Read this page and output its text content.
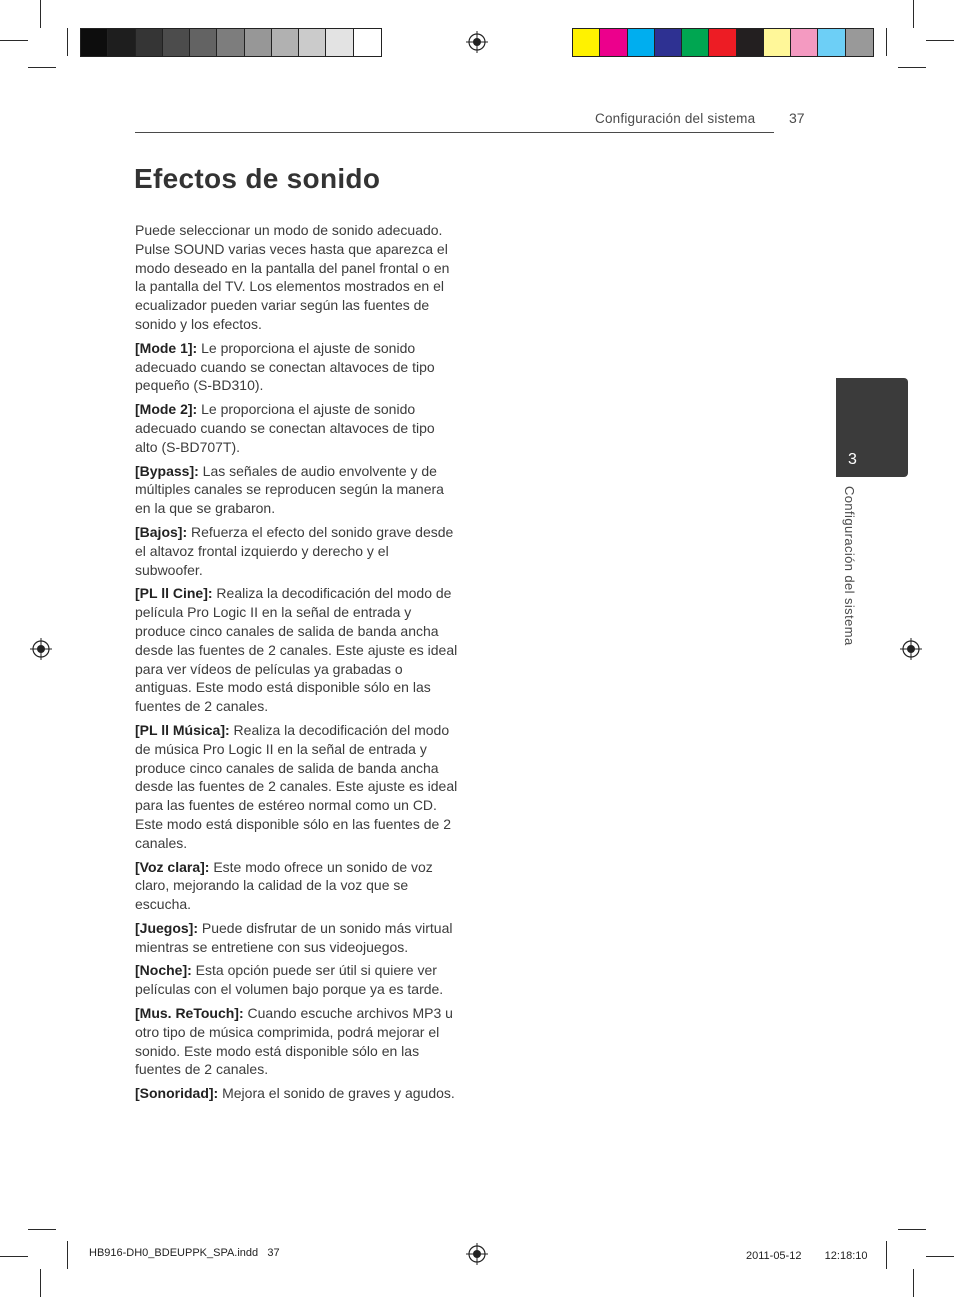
Configuración del sistema 37
Efectos de sonido

Puede seleccionar un modo de sonido adecuado. Pulse SOUND varias veces hasta que aparezca el modo deseado en la pantalla del panel frontal o en la pantalla del TV. Los elementos mostrados en el ecualizador pueden variar según las fuentes de sonido y los efectos.

[Mode 1]: Le proporciona el ajuste de sonido adecuado cuando se conectan altavoces de tipo pequeño (S-BD310).

[Mode 2]: Le proporciona el ajuste de sonido adecuado cuando se conectan altavoces de tipo alto (S-BD707T).

[Bypass]: Las señales de audio envolvente y de múltiples canales se reproducen según la manera en la que se grabaron.

[Bajos]: Refuerza el efecto del sonido grave desde el altavoz frontal izquierdo y derecho y el subwoofer.

[PL ll Cine]: Realiza la decodificación del modo de película Pro Logic II en la señal de entrada y produce cinco canales de salida de banda ancha desde las fuentes de 2 canales. Este ajuste es ideal para ver vídeos de películas ya grabadas o antiguas. Este modo está disponible sólo en las fuentes de 2 canales.

[PL ll Música]: Realiza la decodificación del modo de música Pro Logic II en la señal de entrada y produce cinco canales de salida de banda ancha desde las fuentes de 2 canales. Este ajuste es ideal para las fuentes de estéreo normal como un CD. Este modo está disponible sólo en las fuentes de 2 canales.

[Voz clara]: Este modo ofrece un sonido de voz claro, mejorando la calidad de la voz que se escucha.

[Juegos]: Puede disfrutar de un sonido más virtual mientras se entretiene con sus videojuegos.

[Noche]: Esta opción puede ser útil si quiere ver películas con el volumen bajo porque ya es tarde.

[Mus. ReTouch]: Cuando escuche archivos MP3 u otro tipo de música comprimida, podrá mejorar el sonido. Este modo está disponible sólo en las fuentes de 2 canales.

[Sonoridad]: Mejora el sonido de graves y agudos.

3
Configuración del sistema
HB916-DH0_BDEUPPK_SPA.indd   37	2011-05-12   　 12:18:10
